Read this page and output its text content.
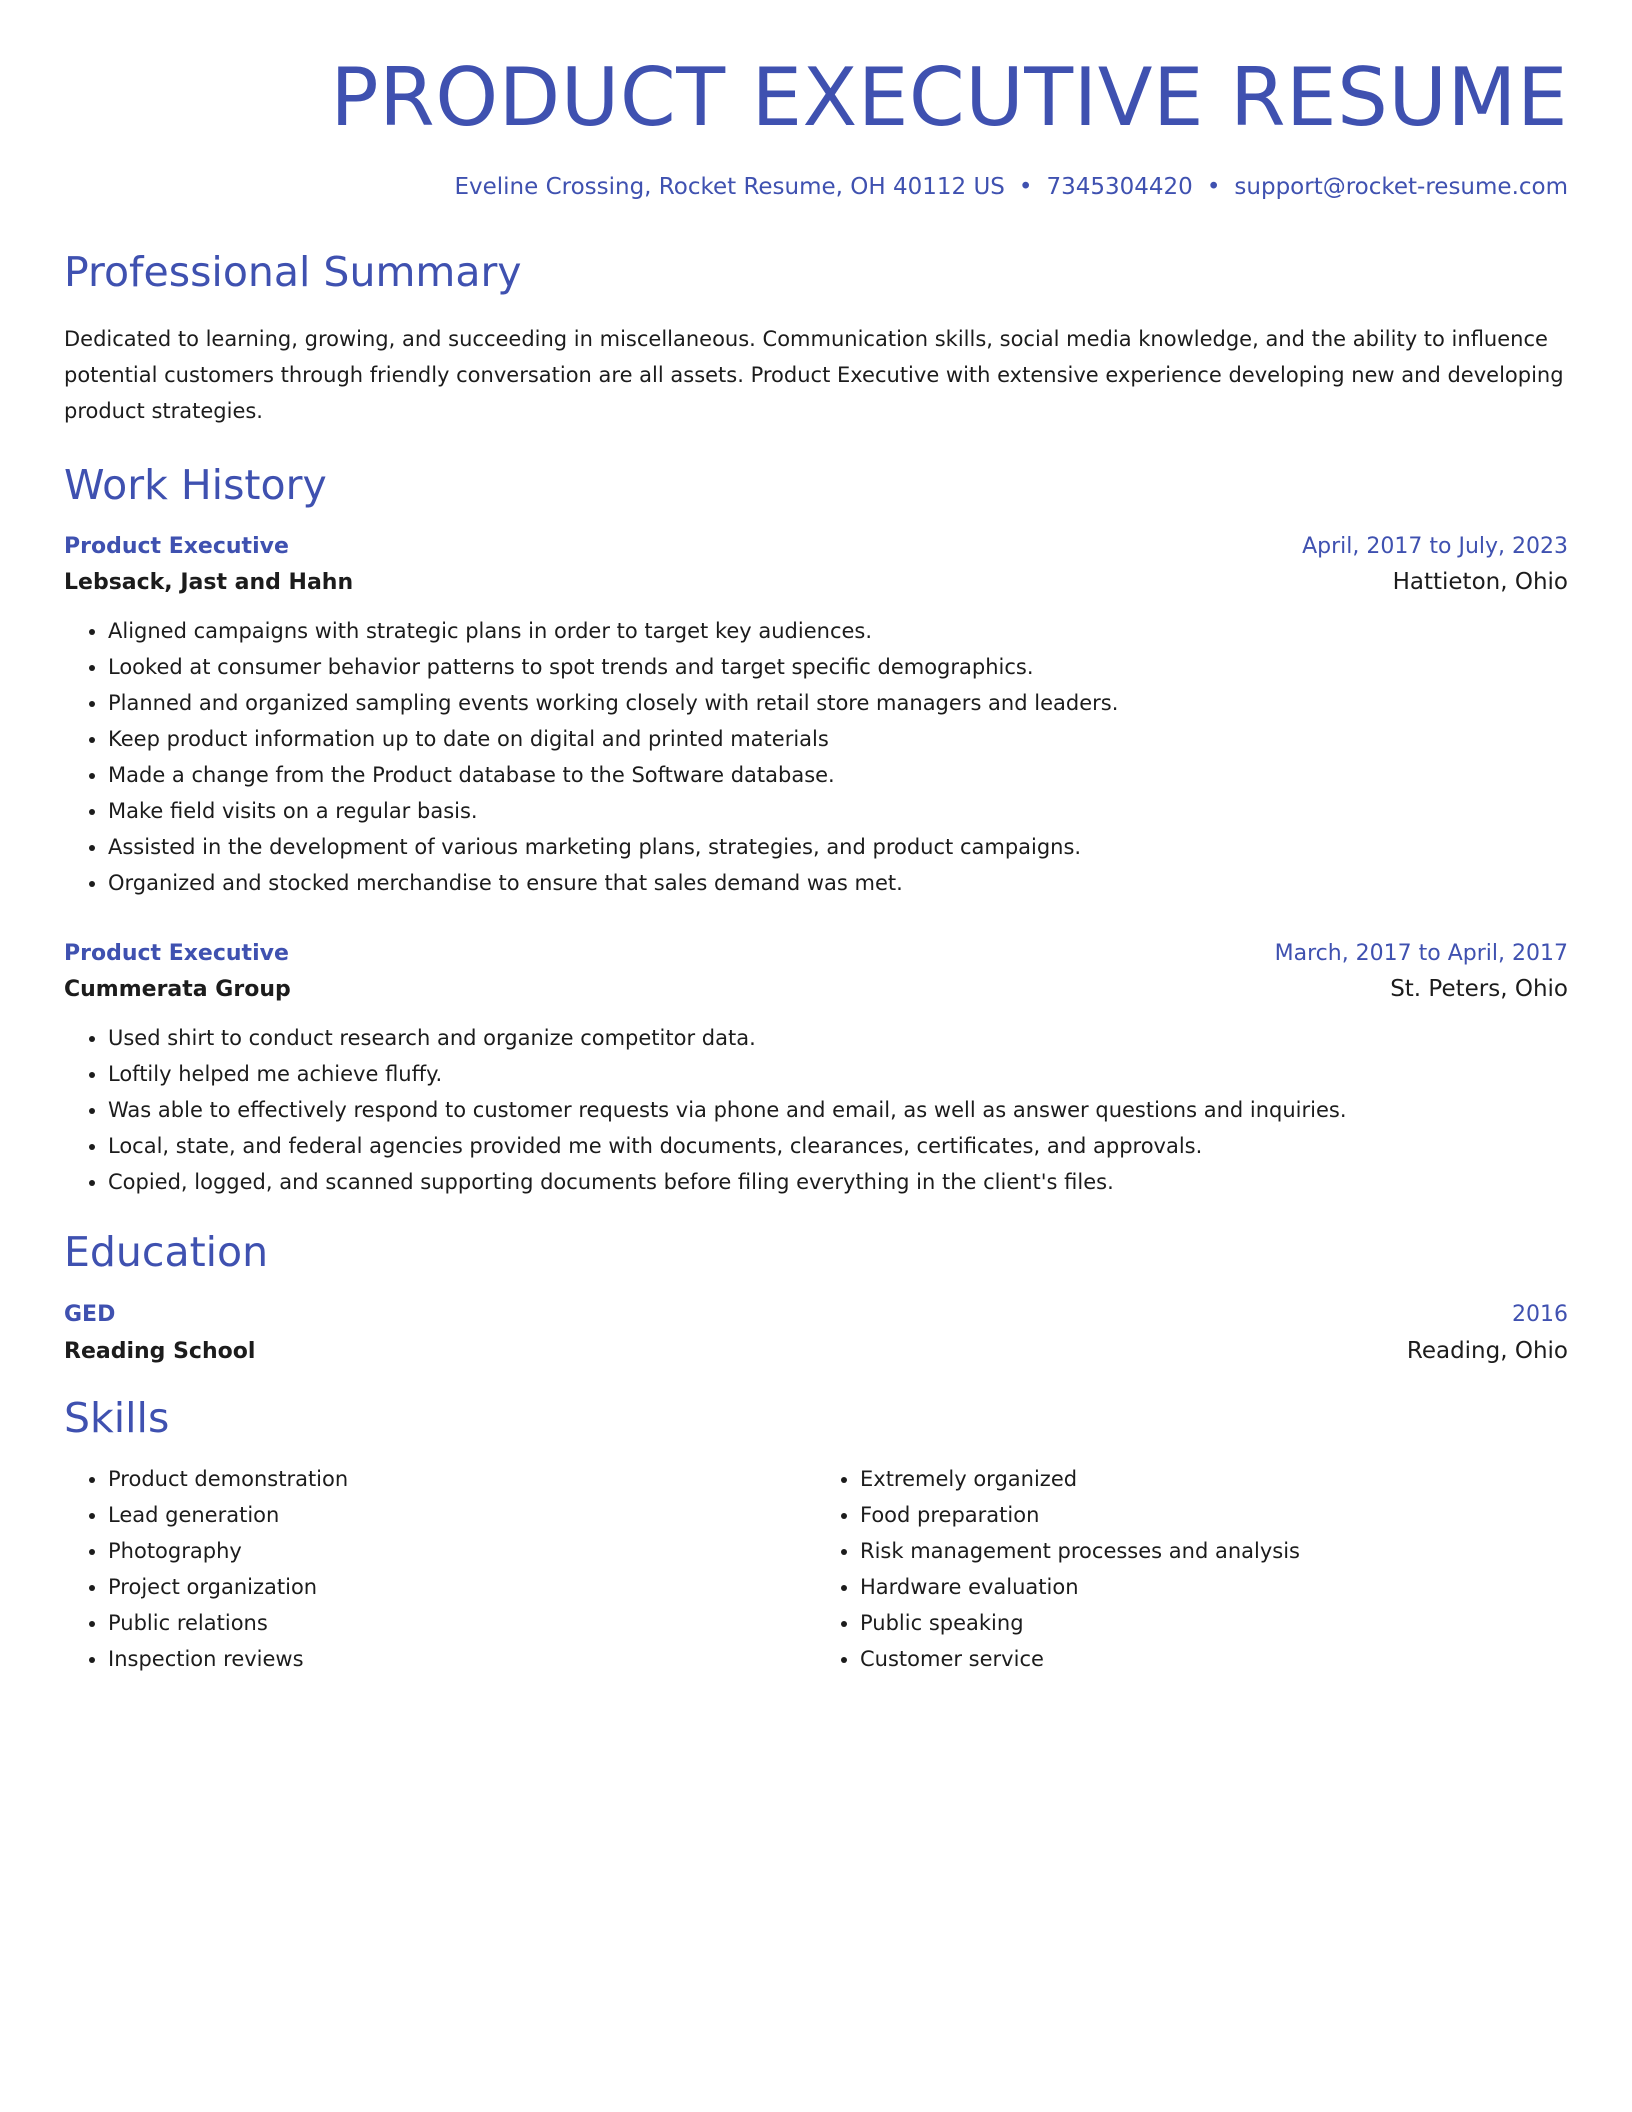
PRODUCT EXECUTIVE RESUME
Eveline Crossing, Rocket Resume, OH 40112 US • 7345304420 • support@rocket-resume.com
Professional Summary
Dedicated to learning, growing, and succeeding in miscellaneous. Communication skills, social media knowledge, and the ability to influence potential customers through friendly conversation are all assets. Product Executive with extensive experience developing new and developing product strategies.
Work History
Product Executive	April, 2017 to July, 2023
Lebsack, Jast and Hahn	Hattieton, Ohio
• Aligned campaigns with strategic plans in order to target key audiences.
• Looked at consumer behavior patterns to spot trends and target specific demographics.
• Planned and organized sampling events working closely with retail store managers and leaders.
• Keep product information up to date on digital and printed materials
• Made a change from the Product database to the Software database.
• Make field visits on a regular basis.
• Assisted in the development of various marketing plans, strategies, and product campaigns.
• Organized and stocked merchandise to ensure that sales demand was met.
Product Executive	March, 2017 to April, 2017
Cummerata Group	St. Peters, Ohio
• Used shirt to conduct research and organize competitor data.
• Loftily helped me achieve fluffy.
• Was able to effectively respond to customer requests via phone and email, as well as answer questions and inquiries.
• Local, state, and federal agencies provided me with documents, clearances, certificates, and approvals.
• Copied, logged, and scanned supporting documents before filing everything in the client's files.
Education
GED	2016
Reading School	Reading, Ohio
Skills
• Product demonstration
• Lead generation
• Photography
• Project organization
• Public relations
• Inspection reviews
• Extremely organized
• Food preparation
• Risk management processes and analysis
• Hardware evaluation
• Public speaking
• Customer service
